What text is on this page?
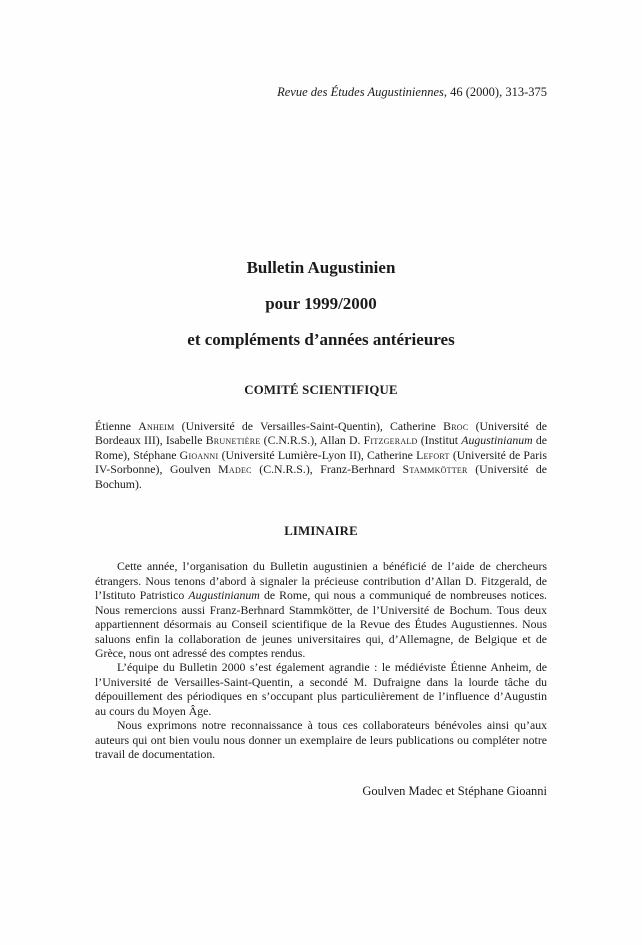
Revue des Études Augustiniennes, 46 (2000), 313-375
Bulletin Augustinien
pour 1999/2000
et compléments d’années antérieures
COMITÉ SCIENTIFIQUE

Étienne Anheim (Université de Versailles-Saint-Quentin), Catherine Broc (Université de Bordeaux III), Isabelle Brunetière (C.N.R.S.), Allan D. Fitzgerald (Institut Augustinianum de Rome), Stéphane Gioanni (Université Lumière-Lyon II), Catherine Lefort (Université de Paris IV-Sorbonne), Goulven Madec (C.N.R.S.), Franz-Berhnard Stammkötter (Université de Bochum).

LIMINAIRE

Cette année, l’organisation du Bulletin augustinien a bénéficié de l’aide de chercheurs étrangers. Nous tenons d’abord à signaler la précieuse contribution d’Allan D. Fitzgerald, de l’Istituto Patristico Augustinianum de Rome, qui nous a communiqué de nombreuses notices. Nous remercions aussi Franz-Berhnard Stammkötter, de l’Université de Bochum. Tous deux appartiennent désormais au Conseil scientifique de la Revue des Études Augustiennes. Nous saluons enfin la collaboration de jeunes universitaires qui, d’Allemagne, de Belgique et de Grèce, nous ont adressé des comptes rendus.

L’équipe du Bulletin 2000 s’est également agrandie : le médiéviste Étienne Anheim, de l’Université de Versailles-Saint-Quentin, a secondé M. Dufraigne dans la lourde tâche du dépouillement des périodiques en s’occupant plus particulièrement de l’influence d’Augustin au cours du Moyen Âge.

Nous exprimons notre reconnaissance à tous ces collaborateurs bénévoles ainsi qu’aux auteurs qui ont bien voulu nous donner un exemplaire de leurs publications ou compléter notre travail de documentation.

Goulven Madec et Stéphane Gioanni
